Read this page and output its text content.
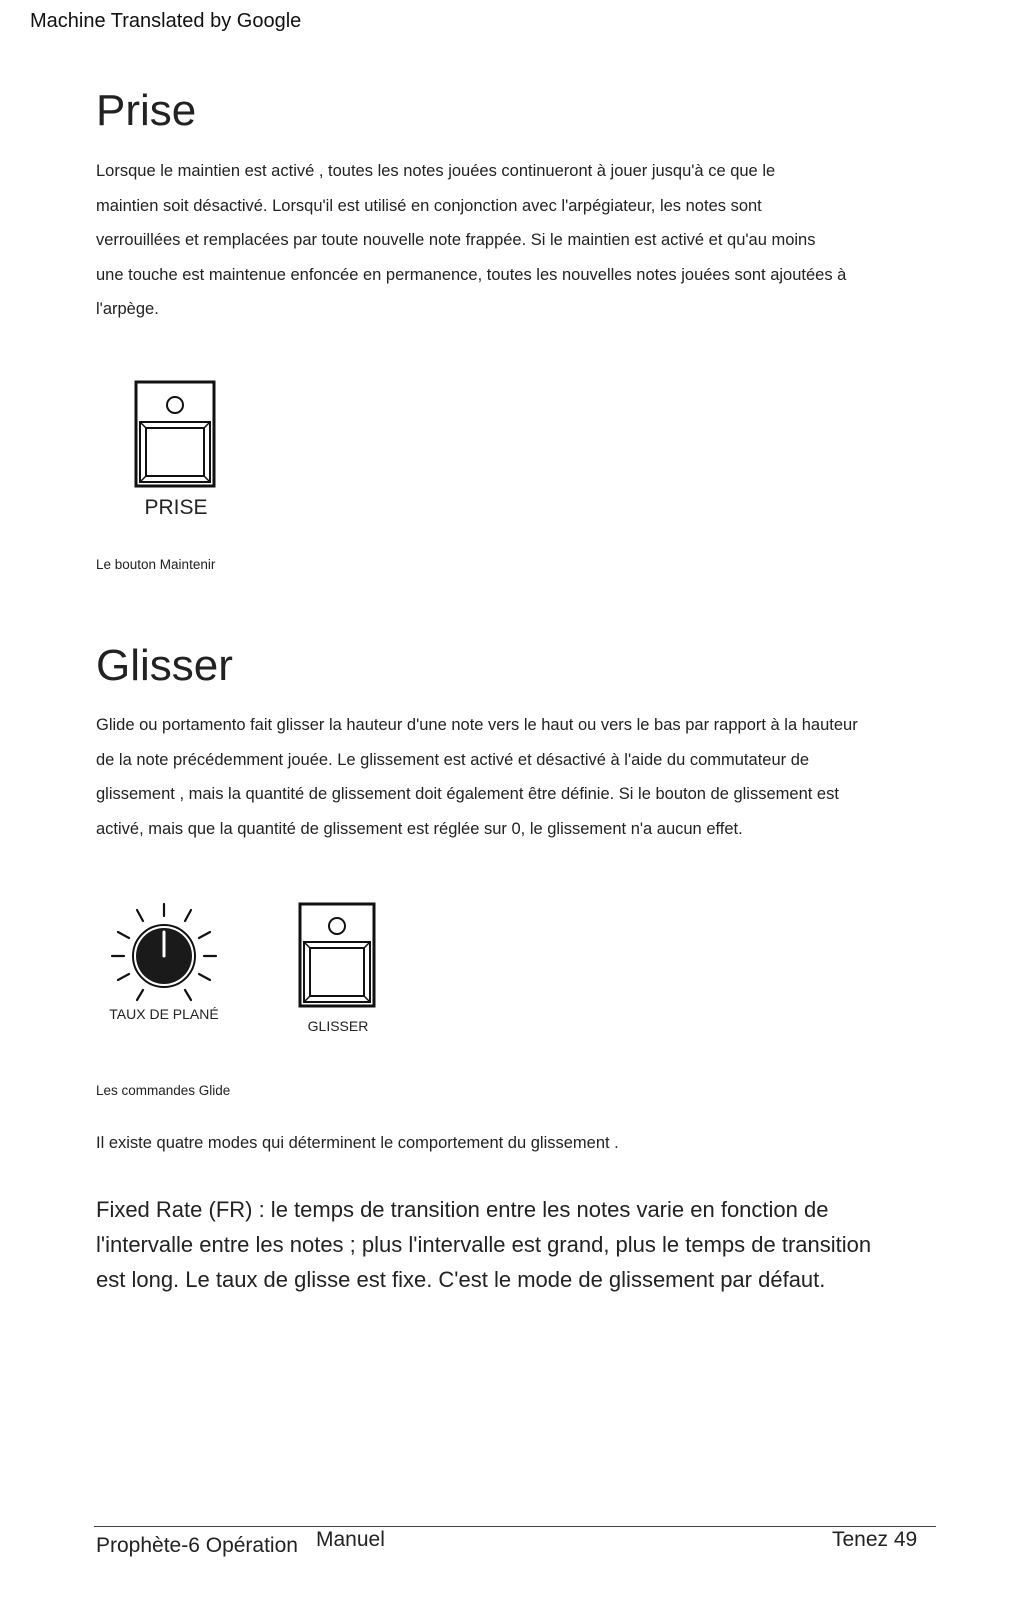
Machine Translated by Google
Prise
Lorsque le maintien est activé , toutes les notes jouées continueront à jouer jusqu'à ce que le
maintien soit désactivé. Lorsqu'il est utilisé en conjonction avec l'arpégiateur, les notes sont
verrouillées et remplacées par toute nouvelle note frappée. Si le maintien est activé et qu'au moins
une touche est maintenue enfoncée en permanence, toutes les nouvelles notes jouées sont ajoutées à
l'arpège.
PRISE
Le bouton Maintenir
Glisser
Glide ou portamento fait glisser la hauteur d'une note vers le haut ou vers le bas par rapport à la hauteur
de la note précédemment jouée. Le glissement est activé et désactivé à l'aide du commutateur de
glissement , mais la quantité de glissement doit également être définie. Si le bouton de glissement est
activé, mais que la quantité de glissement est réglée sur 0, le glissement n'a aucun effet.
TAUX DE PLANÉ
GLISSER
Les commandes Glide
Il existe quatre modes qui déterminent le comportement du glissement .
Fixed Rate (FR) : le temps de transition entre les notes varie en fonction de
l'intervalle entre les notes ; plus l'intervalle est grand, plus le temps de transition
est long. Le taux de glisse est fixe. C'est le mode de glissement par défaut.
Prophète-6 Opération Manuel	Tenez 49
